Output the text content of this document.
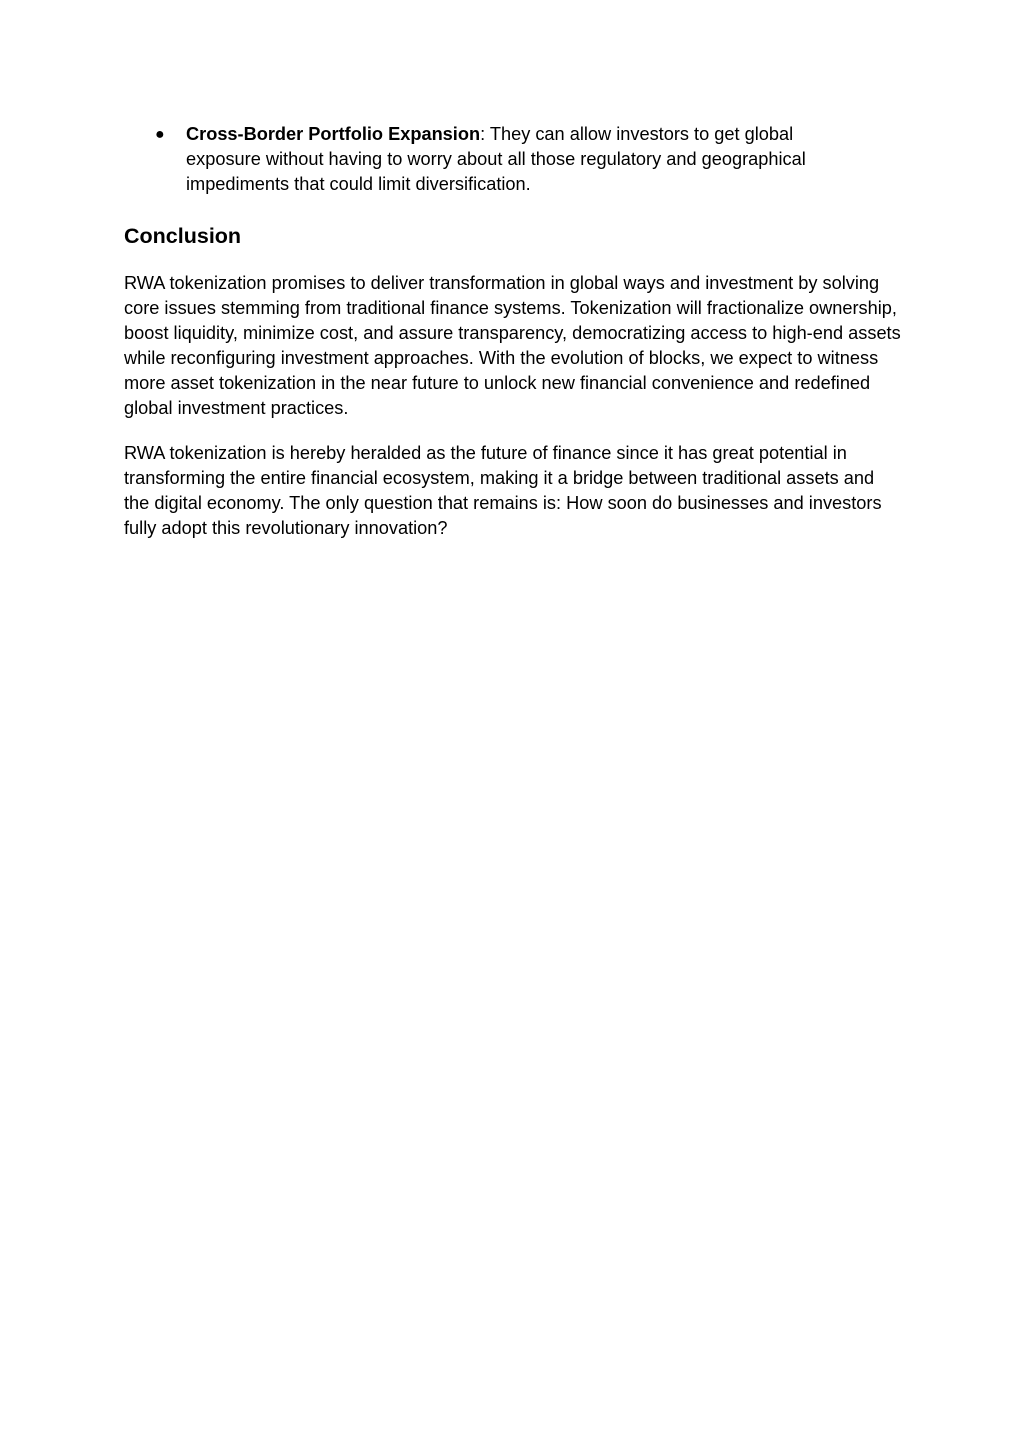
● Cross-Border Portfolio Expansion: They can allow investors to get global exposure without having to worry about all those regulatory and geographical impediments that could limit diversification.
Conclusion

RWA tokenization promises to deliver transformation in global ways and investment by solving core issues stemming from traditional finance systems. Tokenization will fractionalize ownership, boost liquidity, minimize cost, and assure transparency, democratizing access to high-end assets while reconfiguring investment approaches. With the evolution of blocks, we expect to witness more asset tokenization in the near future to unlock new financial convenience and redefined global investment practices.

RWA tokenization is hereby heralded as the future of finance since it has great potential in transforming the entire financial ecosystem, making it a bridge between traditional assets and the digital economy. The only question that remains is: How soon do businesses and investors fully adopt this revolutionary innovation?
